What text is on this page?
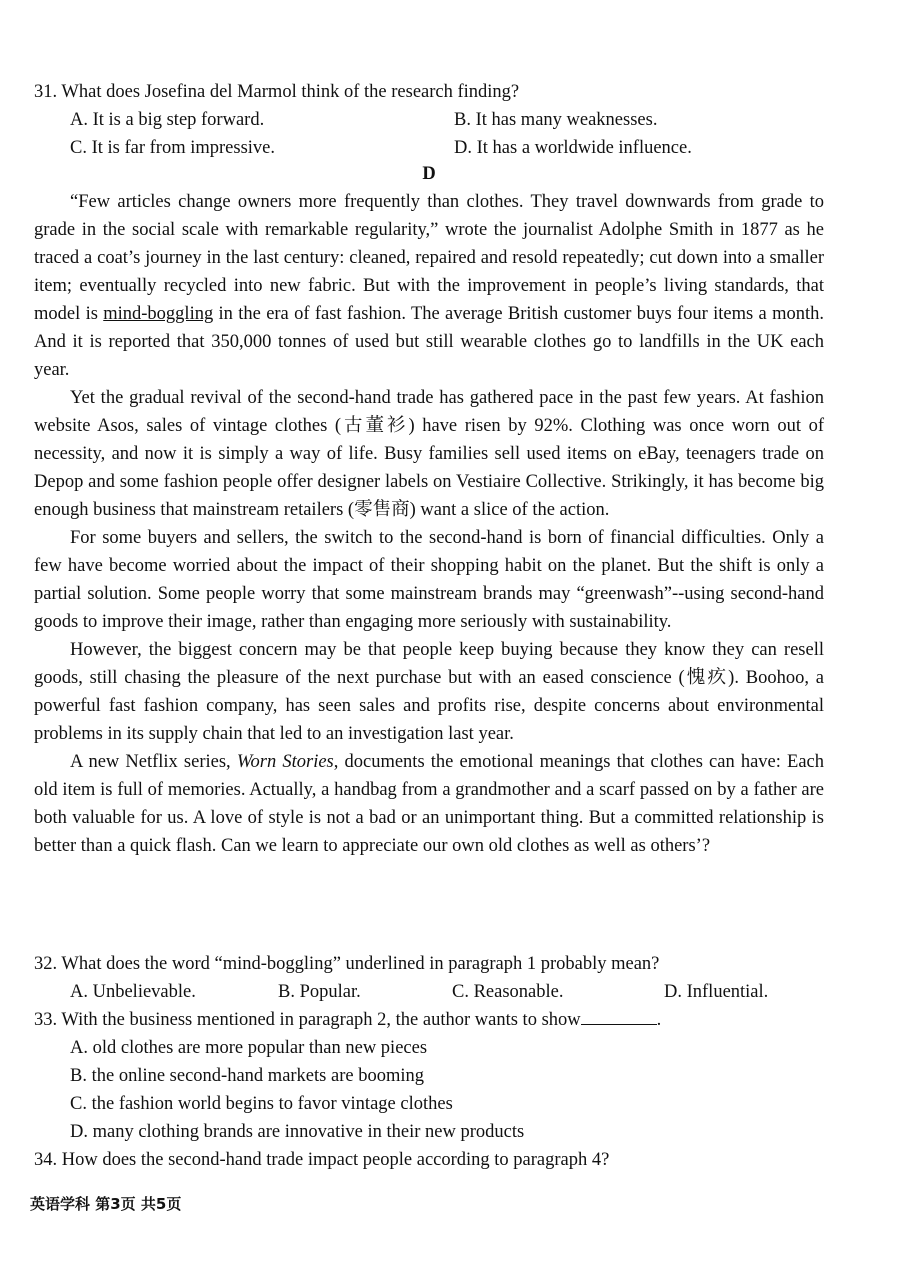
31. What does Josefina del Marmol think of the research finding?
A. It is a big step forward.	B. It has many weaknesses.
C. It is far from impressive.	D. It has a worldwide influence.
D

“Few articles change owners more frequently than clothes. They travel downwards from grade to grade in the social scale with remarkable regularity,” wrote the journalist Adolphe Smith in 1877 as he traced a coat’s journey in the last century: cleaned, repaired and resold repeatedly; cut down into a smaller item; eventually recycled into new fabric. But with the improvement in people’s living standards, that model is mind-boggling in the era of fast fashion. The average British customer buys four items a month. And it is reported that 350,000 tonnes of used but still wearable clothes go to landfills in the UK each year.

Yet the gradual revival of the second-hand trade has gathered pace in the past few years. At fashion website Asos, sales of vintage clothes (古董衫) have risen by 92%. Clothing was once worn out of necessity, and now it is simply a way of life. Busy families sell used items on eBay, teenagers trade on Depop and some fashion people offer designer labels on Vestiaire Collective. Strikingly, it has become big enough business that mainstream retailers (零售商) want a slice of the action.

For some buyers and sellers, the switch to the second-hand is born of financial difficulties. Only a few have become worried about the impact of their shopping habit on the planet. But the shift is only a partial solution. Some people worry that some mainstream brands may “greenwash”--using second-hand goods to improve their image, rather than engaging more seriously with sustainability.

However, the biggest concern may be that people keep buying because they know they can resell goods, still chasing the pleasure of the next purchase but with an eased conscience (愧疚). Boohoo, a powerful fast fashion company, has seen sales and profits rise, despite concerns about environmental problems in its supply chain that led to an investigation last year.

A new Netflix series, Worn Stories, documents the emotional meanings that clothes can have: Each old item is full of memories. Actually, a handbag from a grandmother and a scarf passed on by a father are both valuable for us. A love of style is not a bad or an unimportant thing. But a committed relationship is better than a quick flash. Can we learn to appreciate our own old clothes as well as others’?

32. What does the word “mind-boggling” underlined in paragraph 1 probably mean?
A. Unbelievable.	B. Popular.	C. Reasonable.	D. Influential.
33. With the business mentioned in paragraph 2, the author wants to show	.
A. old clothes are more popular than new pieces
B. the online second-hand markets are booming
C. the fashion world begins to favor vintage clothes
D. many clothing brands are innovative in their new products
34. How does the second-hand trade impact people according to paragraph 4?
英语学科 第3页 共5页
